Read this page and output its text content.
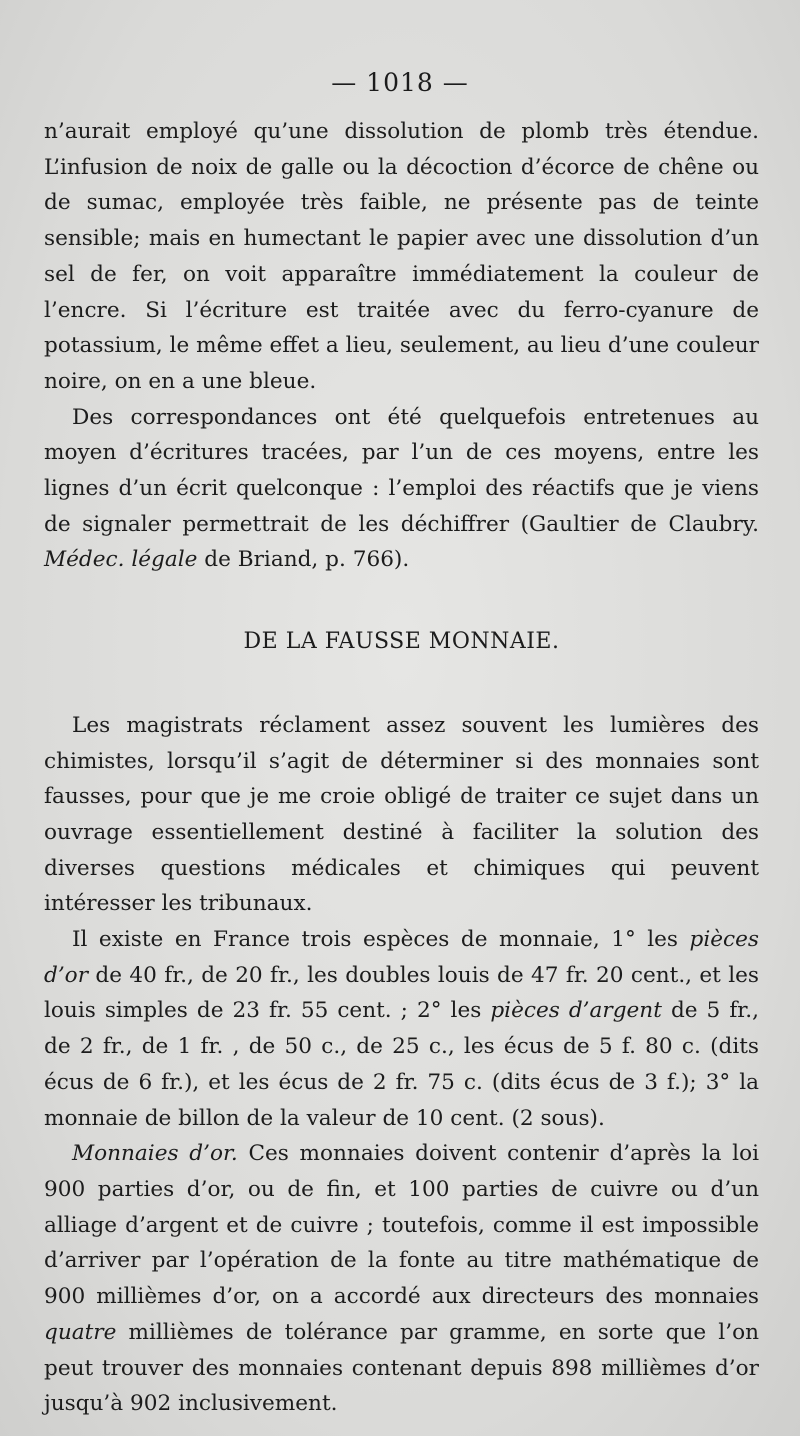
— 1018 —

n’aurait employé qu’une dissolution de plomb très étendue. L’infusion de noix de galle ou la décoction d’écorce de chêne ou de sumac, employée très faible, ne présente pas de teinte sensible; mais en humectant le papier avec une dissolution d’un sel de fer, on voit apparaître immédiatement la couleur de l’encre. Si l’écriture est traitée avec du ferro-cyanure de potassium, le même effet a lieu, seulement, au lieu d’une couleur noire, on en a une bleue.

Des correspondances ont été quelquefois entretenues au moyen d’écritures tracées, par l’un de ces moyens, entre les lignes d’un écrit quelconque : l’emploi des réactifs que je viens de signaler permettrait de les déchiffrer (Gaultier de Claubry. Médec. légale de Briand, p. 766).

DE LA FAUSSE MONNAIE.

Les magistrats réclament assez souvent les lumières des chimistes, lorsqu’il s’agit de déterminer si des monnaies sont fausses, pour que je me croie obligé de traiter ce sujet dans un ouvrage essentiellement destiné à faciliter la solution des diverses questions médicales et chimiques qui peuvent intéresser les tribunaux.

Il existe en France trois espèces de monnaie, 1° les pièces d’or de 40 fr., de 20 fr., les doubles louis de 47 fr. 20 cent., et les louis simples de 23 fr. 55 cent. ; 2° les pièces d’argent de 5 fr., de 2 fr., de 1 fr. , de 50 c., de 25 c., les écus de 5 f. 80 c. (dits écus de 6 fr.), et les écus de 2 fr. 75 c. (dits écus de 3 f.); 3° la monnaie de billon de la valeur de 10 cent. (2 sous).

Monnaies d’or. Ces monnaies doivent contenir d’après la loi 900 parties d’or, ou de fin, et 100 parties de cuivre ou d’un alliage d’argent et de cuivre ; toutefois, comme il est impossible d’arriver par l’opération de la fonte au titre mathématique de 900 millièmes d’or, on a accordé aux directeurs des monnaies quatre millièmes de tolérance par gramme, en sorte que l’on peut trouver des monnaies contenant depuis 898 millièmes d’or jusqu’à 902 inclusivement.
